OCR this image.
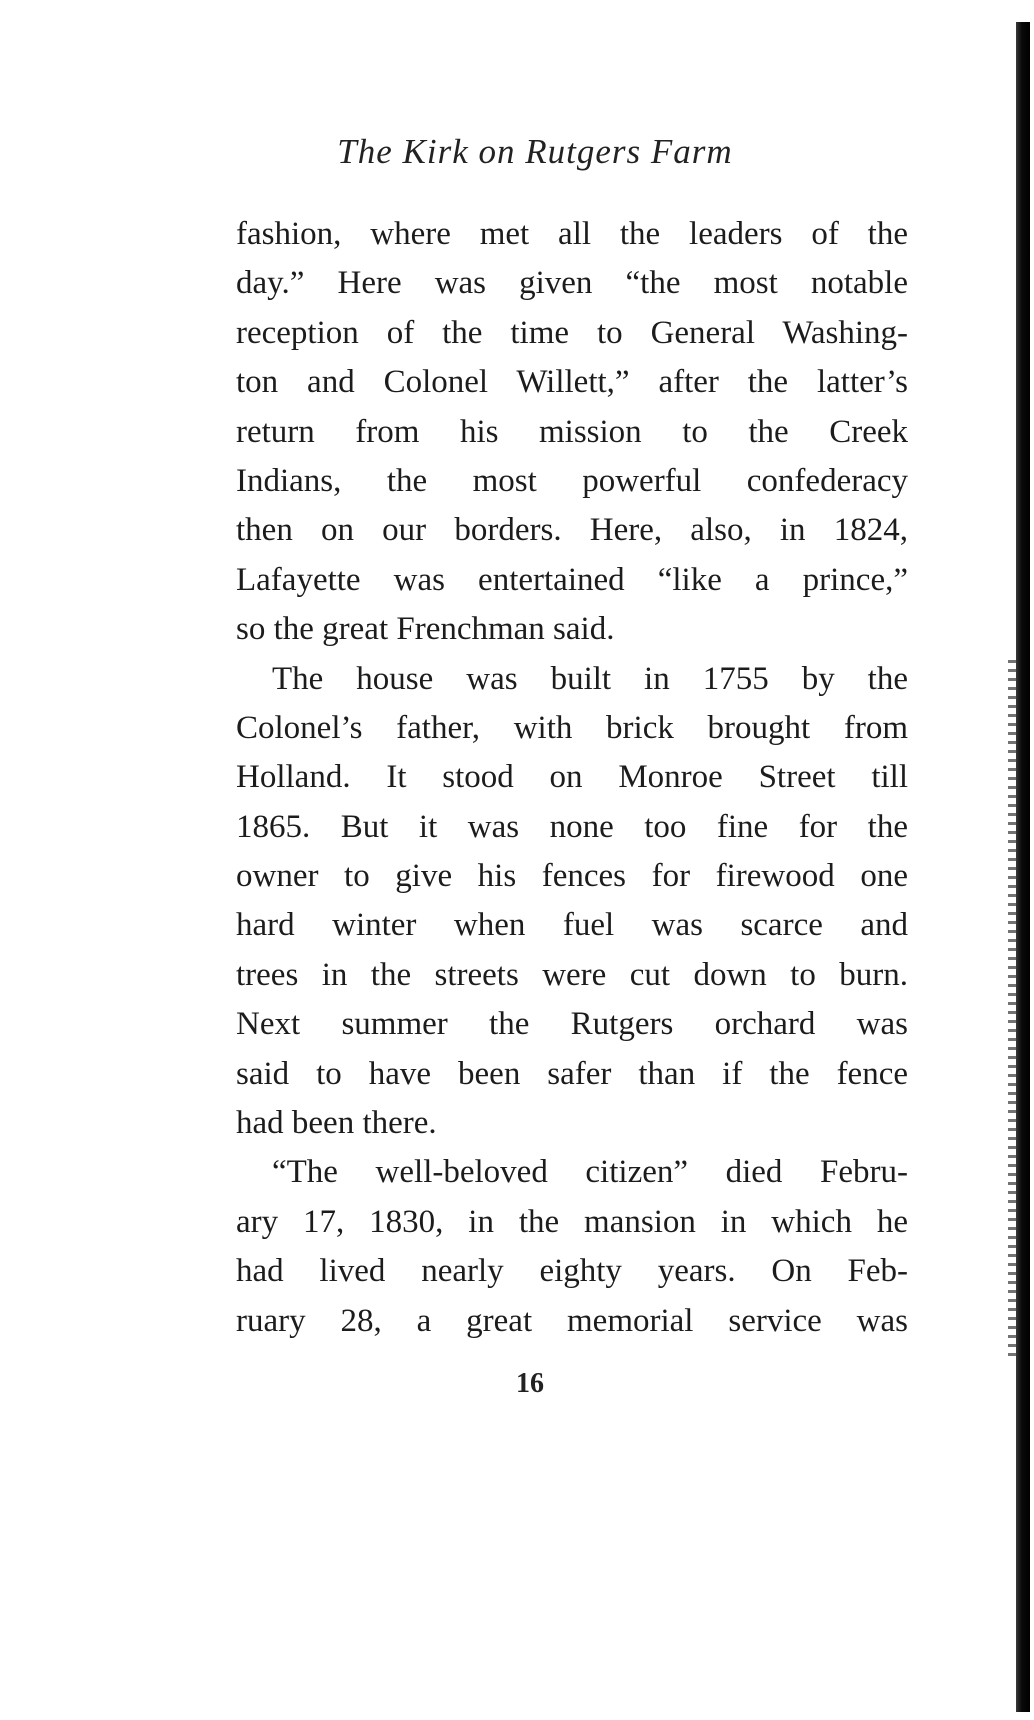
The Kirk on Rutgers Farm
fashion, where met all the leaders of the
day.” Here was given “the most notable
reception of the time to General Washing-
ton and Colonel Willett,” after the latter’s
return from his mission to the Creek
Indians, the most powerful confederacy
then on our borders. Here, also, in 1824,
Lafayette was entertained “like a prince,”
so the great Frenchman said.
The house was built in 1755 by the
Colonel’s father, with brick brought from
Holland. It stood on Monroe Street till
1865. But it was none too fine for the
owner to give his fences for firewood one
hard winter when fuel was scarce and
trees in the streets were cut down to burn.
Next summer the Rutgers orchard was
said to have been safer than if the fence
had been there.
“The well-beloved citizen” died Febru-
ary 17, 1830, in the mansion in which he
had lived nearly eighty years. On Feb-
ruary 28, a great memorial service was
16
